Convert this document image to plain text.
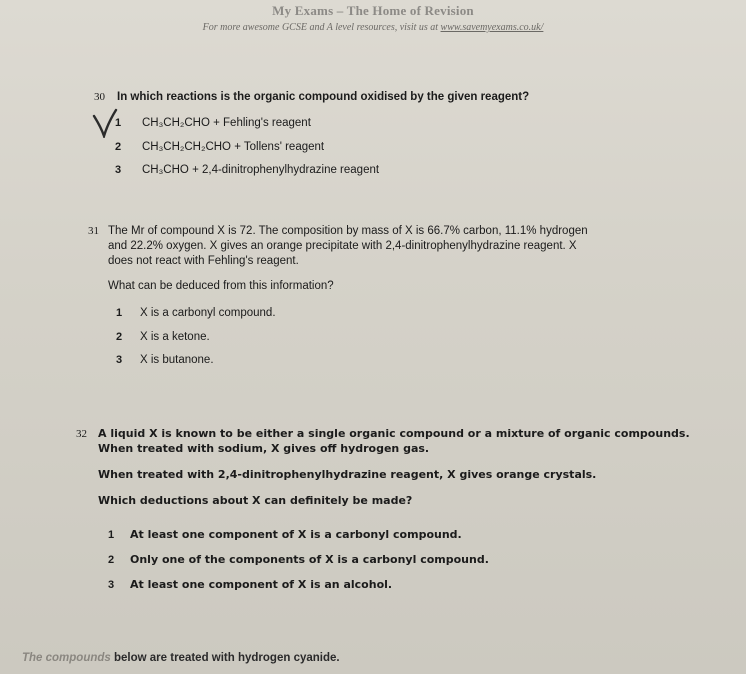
My Exams – The Home of Revision
For more awesome GCSE and A level resources, visit us at www.savemyexams.co.uk/
30 In which reactions is the organic compound oxidised by the given reagent?
1 CH₃CH₂CHO + Fehling's reagent
2 CH₃CH₂CH₂CHO + Tollens' reagent
3 CH₃CHO + 2,4-dinitrophenylhydrazine reagent
31 The Mr of compound X is 72. The composition by mass of X is 66.7% carbon, 11.1% hydrogen
and 22.2% oxygen. X gives an orange precipitate with 2,4-dinitrophenylhydrazine reagent. X
does not react with Fehling's reagent.
What can be deduced from this information?
1 X is a carbonyl compound.
2 X is a ketone.
3 X is butanone.
32 A liquid X is known to be either a single organic compound or a mixture of organic compounds.
When treated with sodium, X gives off hydrogen gas.
When treated with 2,4-dinitrophenylhydrazine reagent, X gives orange crystals.
Which deductions about X can definitely be made?
1 At least one component of X is a carbonyl compound.
2 Only one of the components of X is a carbonyl compound.
3 At least one component of X is an alcohol.
The compounds below are treated with hydrogen cyanide.
